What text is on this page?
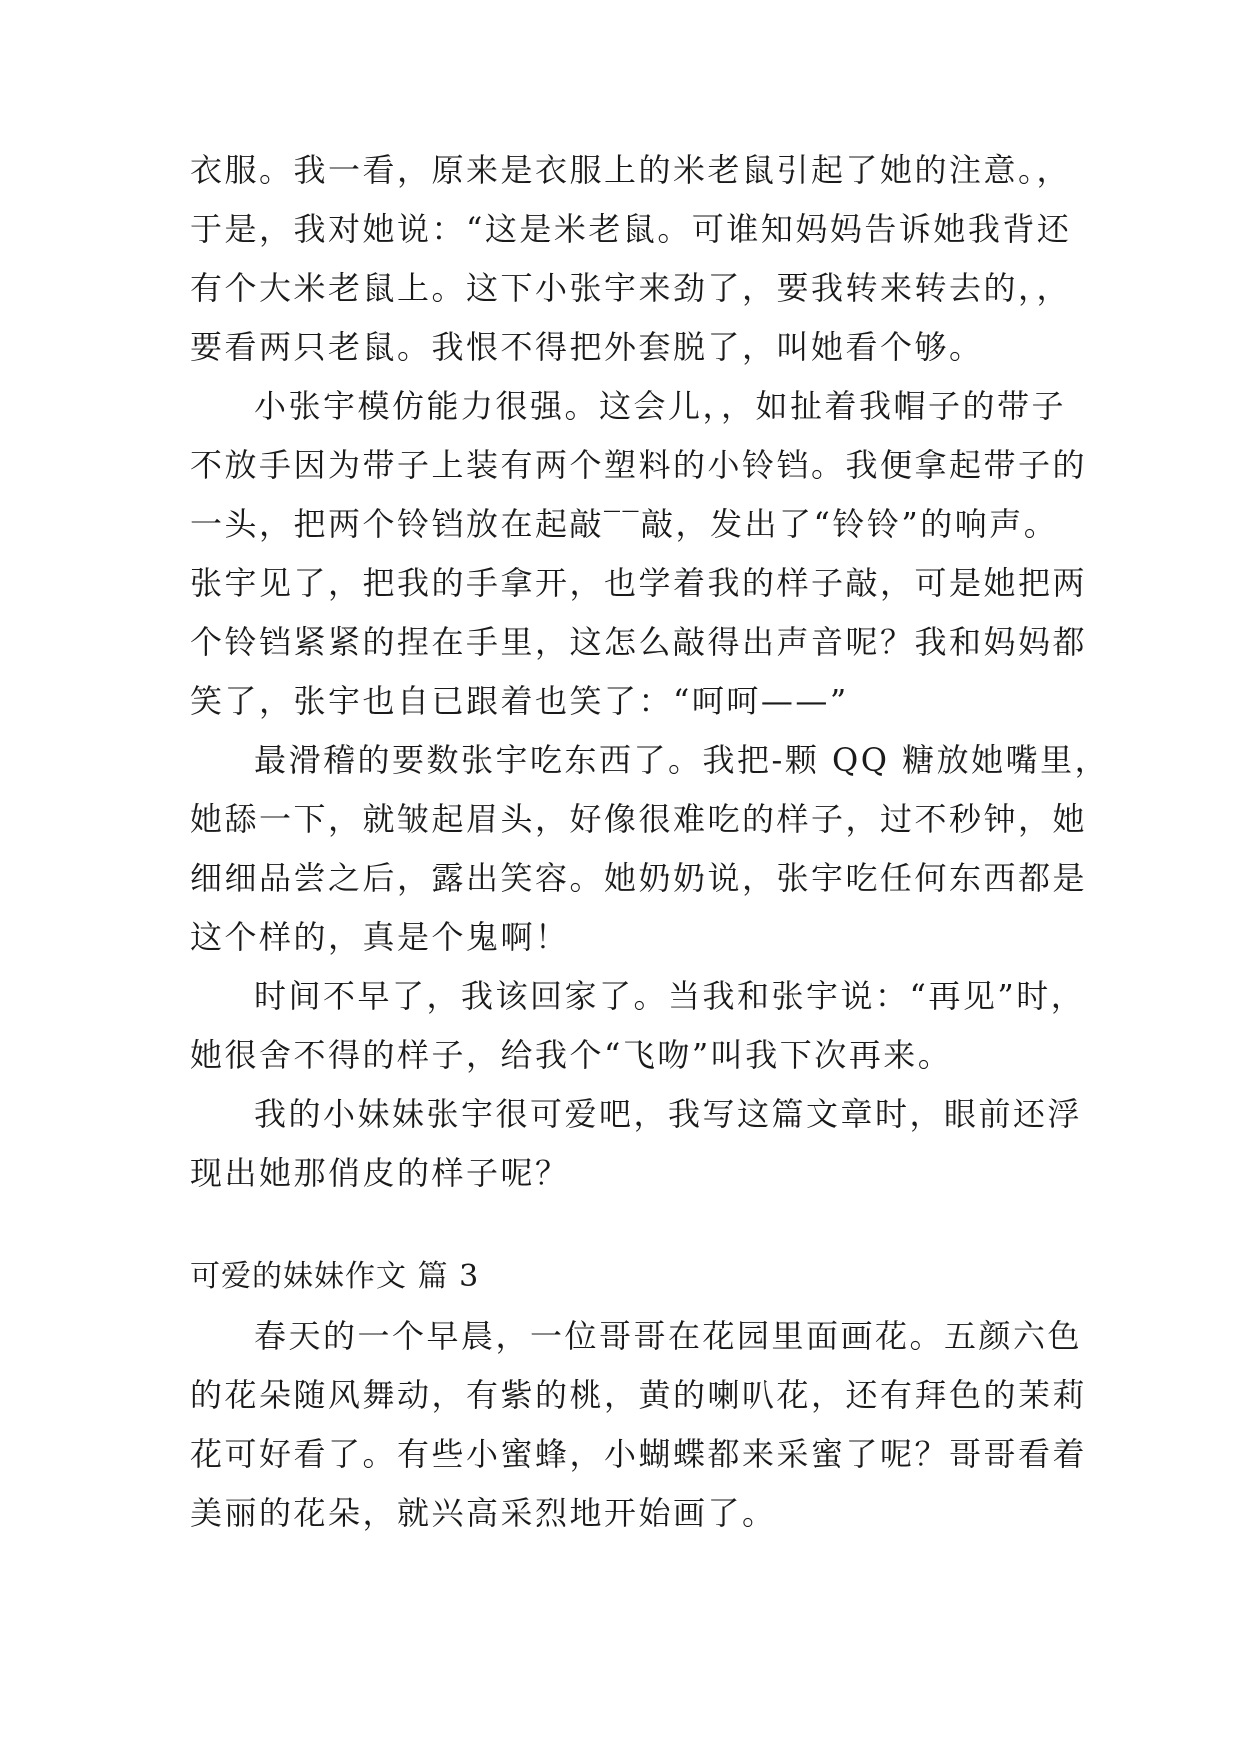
衣服。我一看，原来是衣服上的米老鼠引起了她的注意。，
于是，我对她说：“这是米老鼠。可谁知妈妈告诉她我背还
有个大米老鼠上。这下小张宇来劲了，要我转来转去的，，
要看两只老鼠。我恨不得把外套脱了，叫她看个够。
小张宇模仿能力很强。这会儿，，如扯着我帽子的带子
不放手因为带子上装有两个塑料的小铃铛。我便拿起带子的
一头，把两个铃铛放在起敲‾‾敲，发出了“铃铃”的响声。
张宇见了，把我的手拿开，也学着我的样子敲，可是她把两
个铃铛紧紧的捏在手里，这怎么敲得出声音呢？我和妈妈都
笑了，张宇也自已跟着也笑了：“呵呵——”
最滑稽的要数张宇吃东西了。我把-颗 QQ 糖放她嘴里，
她舔一下，就皱起眉头，好像很难吃的样子，过不秒钟，她
细细品尝之后，露出笑容。她奶奶说，张宇吃任何东西都是
这个样的，真是个鬼啊！
时间不早了，我该回家了。当我和张宇说：“再见”时，
她很舍不得的样子，给我个“飞吻”叫我下次再来。
我的小妹妹张宇很可爱吧，我写这篇文章时，眼前还浮
现出她那俏皮的样子呢？
可爱的妹妹作文 篇 3
春天的一个早晨，一位哥哥在花园里面画花。五颜六色
的花朵随风舞动，有紫的桃，黄的喇叭花，还有拜色的茉莉
花可好看了。有些小蜜蜂，小蝴蝶都来采蜜了呢？哥哥看着
美丽的花朵，就兴高采烈地开始画了。
